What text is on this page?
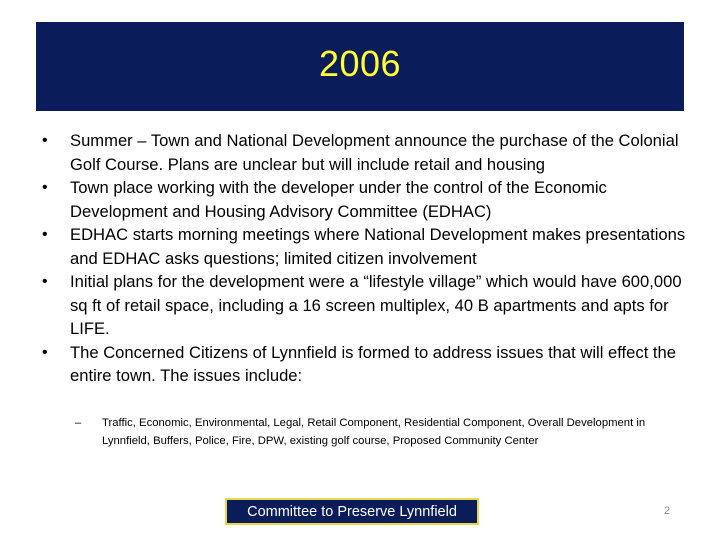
2006
•	Summer – Town and National Development announce the purchase of the Colonial Golf Course. Plans are unclear but will include retail and housing
•	Town place working with the developer under the control of the Economic Development and Housing Advisory Committee (EDHAC)
•	EDHAC starts morning meetings where National Development makes presentations and EDHAC asks questions; limited citizen involvement
•	Initial plans for the development were a “lifestyle village” which would have 600,000 sq ft of retail space, including a 16 screen multiplex, 40 B apartments and apts for LIFE.
•	The Concerned Citizens of Lynnfield is formed to address issues that will effect the entire town. The issues include:
– Traffic, Economic, Environmental, Legal, Retail Component, Residential Component, Overall Development in Lynnfield, Buffers, Police, Fire, DPW, existing golf course, Proposed Community Center
Committee to Preserve Lynnfield	2
